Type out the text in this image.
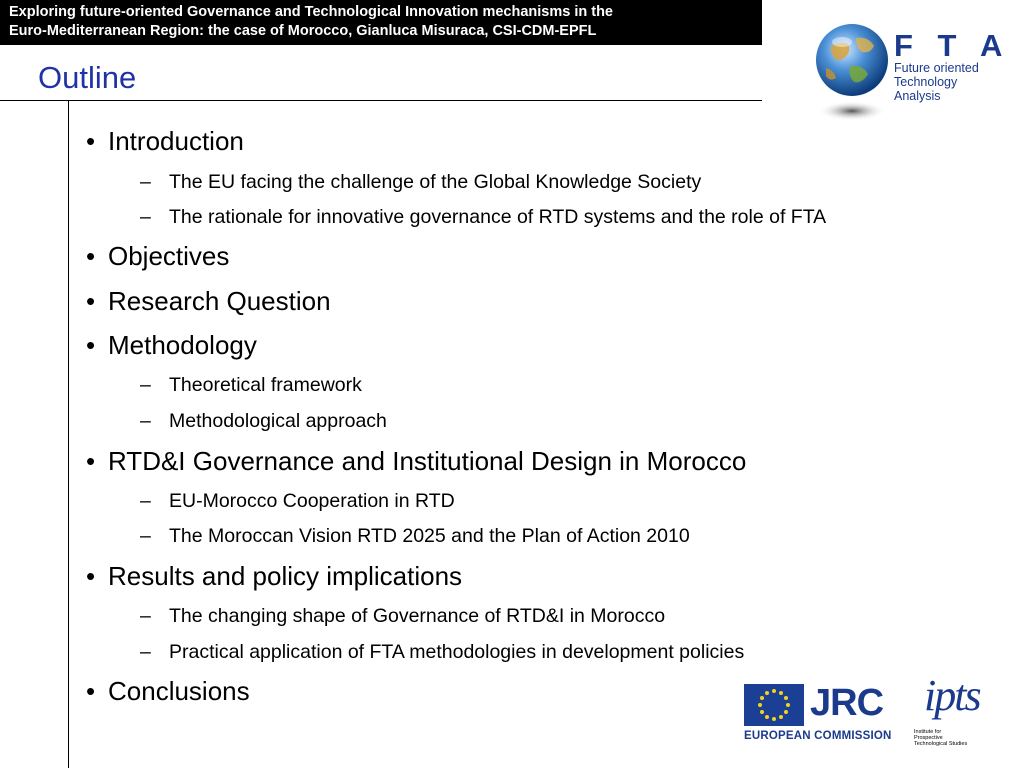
Exploring future-oriented Governance and Technological Innovation mechanisms in the
Euro-Mediterranean Region: the case of Morocco, Gianluca Misuraca, CSI-CDM-EPFL
Outline
• Introduction
– The EU facing the challenge of the Global Knowledge Society
– The rationale for innovative governance of RTD systems and the role of FTA
• Objectives
• Research Question
• Methodology
– Theoretical framework
– Methodological approach
• RTD&I Governance and Institutional Design in Morocco
– EU-Morocco Cooperation in RTD
– The Moroccan Vision RTD 2025 and the Plan of Action 2010
• Results and policy implications
– The changing shape of Governance of RTD&I in Morocco
– Practical application of FTA methodologies in development policies
• Conclusions
F T A
Future oriented
Technology
Analysis
JRC
EUROPEAN COMMISSION
ipts
Institute for
Prospective
Technological Studies
